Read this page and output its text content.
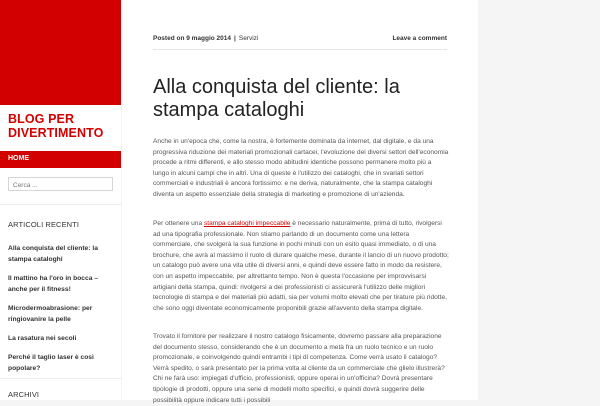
BLOG PER DIVERTIMENTO
HOME
Cerca ...
ARTICOLI RECENTI
Alla conquista del cliente: la stampa cataloghi
Il mattino ha l'oro in bocca – anche per il fitness!
Microdermoabrasione: per ringiovanire la pelle
La rasatura nei secoli
Perché il taglio laser è così popolare?
ARCHIVI
Posted on 9 maggio 2014 | Servizi	Leave a comment
Alla conquista del cliente: la stampa cataloghi

Anche in un'epoca che, come la nostra, è fortemente dominata da internet, dal digitale, e da una progressiva riduzione dei materiali promozionali cartacei, l'evoluzione dei diversi settori dell'economia procede a ritmi differenti, e allo stesso modo abitudini identiche possono permanere molto più a lungo in alcuni campi che in altri. Una di queste è l'utilizzo dei cataloghi, che in svariati settori commerciali e industriali è ancora fortissimo: e ne deriva, naturalmente, che la stampa cataloghi diventa un aspetto essenziale della strategia di marketing e promozione di un'azienda.

Per ottenere una stampa cataloghi impeccabile è necessario naturalmente, prima di tutto, rivolgersi ad una tipografia professionale. Non stiamo parlando di un documento come una lettera commerciale, che svolgerà la sua funzione in pochi minuti con un esito quasi immediato, o di una brochure, che avrà al massimo il ruolo di durare qualche mese, durante il lancio di un nuovo prodotto; un catalogo può avere una vita utile di diversi anni, e quindi deve essere fatto in modo da resistere, con un aspetto impeccabile, per altrettanto tempo. Non è questa l'occasione per improvvisarsi artigiani della stampa, quindi: rivolgersi a dei professionisti ci assicurerà l'utilizzo delle migliori tecnologie di stampa e dei materiali più adatti, sia per volumi molto elevati che per tirature più ridotte, che sono oggi diventate economicamente proponibili grazie all'avvento della stampa digitale.

Trovato il fornitore per realizzare il nostro catalogo fisicamente, dovremo passare alla preparazione del documento stesso, considerando che è un documento a metà fra un ruolo tecnico e un ruolo promozionale, e coinvolgendo quindi entrambi i tipi di competenza. Come verrà usato il catalogo? Verrà spedito, o sarà presentato per la prima volta al cliente da un commerciale che glielo illustrerà? Chi ne farà uso: impiegati d'ufficio, professionisti, oppure operai in un'officina? Dovrà presentare tipologie di prodotti, oppure una serie di modelli molto specifici, e quindi dovrà suggerire delle possibilità oppure indicare tutti i possibili
